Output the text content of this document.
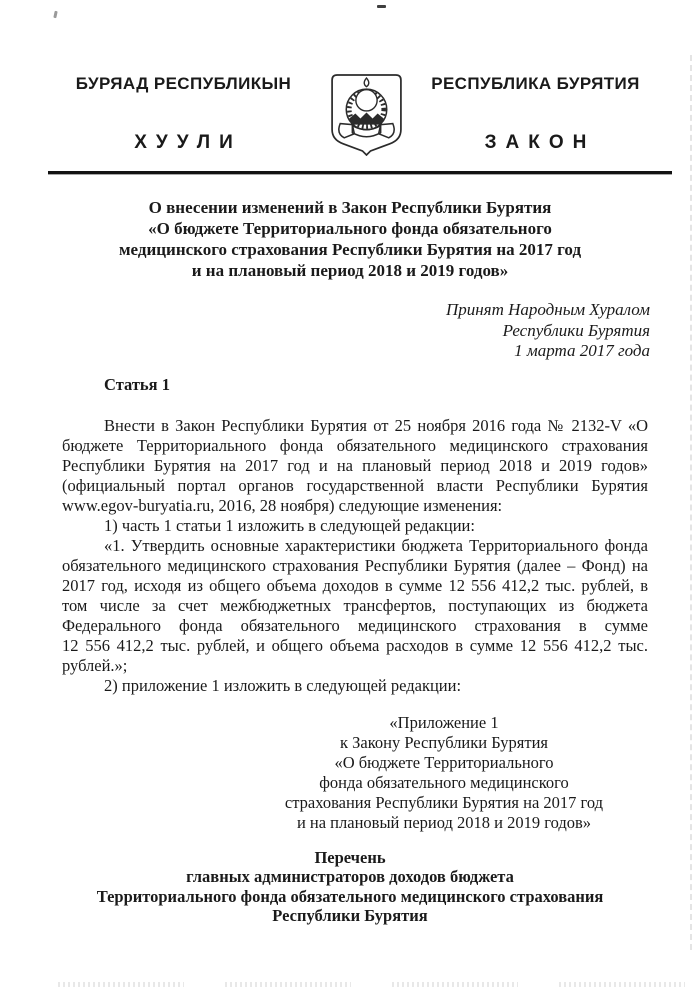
БУРЯАД РЕСПУБЛИКЫН
ХУУЛИ
РЕСПУБЛИКА БУРЯТИЯ
ЗАКОН
О внесении изменений в Закон Республики Бурятия
«О бюджете Территориального фонда обязательного
медицинского страхования Республики Бурятия на 2017 год
и на плановый период 2018 и 2019 годов»
Принят Народным Хуралом
Республики Бурятия
1 марта 2017 года
Статья 1

Внести в Закон Республики Бурятия от 25 ноября 2016 года № 2132-V «О бюджете Территориального фонда обязательного медицинского страхования Республики Бурятия на 2017 год и на плановый период 2018 и 2019 годов» (официальный портал органов государственной власти Республики Бурятия www.egov-buryatia.ru, 2016, 28 ноября) следующие изменения:

1) часть 1 статьи 1 изложить в следующей редакции:

«1. Утвердить основные характеристики бюджета Территориального фонда обязательного медицинского страхования Республики Бурятия (далее – Фонд) на 2017 год, исходя из общего объема доходов в сумме 12 556 412,2 тыс. рублей, в том числе за счет межбюджетных трансфертов, поступающих из бюджета Федерального фонда обязательного медицинского страхования в сумме 12 556 412,2 тыс. рублей, и общего объема расходов в сумме 12 556 412,2 тыс. рублей.»;

2) приложение 1 изложить в следующей редакции:

«Приложение 1
к Закону Республики Бурятия
«О бюджете Территориального
фонда обязательного медицинского
страхования Республики Бурятия на 2017 год
и на плановый период 2018 и 2019 годов»
Перечень
главных администраторов доходов бюджета
Территориального фонда обязательного медицинского страхования
Республики Бурятия
